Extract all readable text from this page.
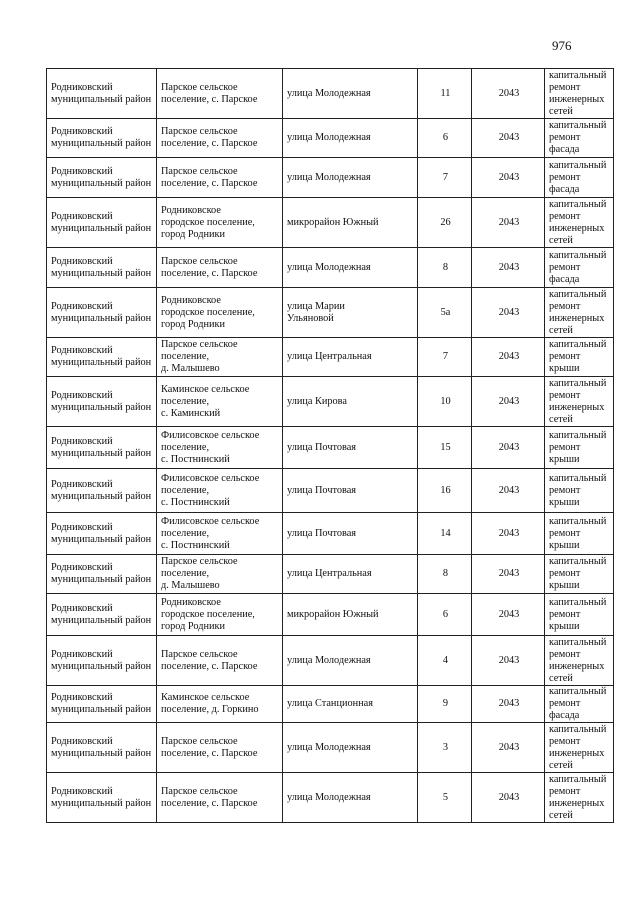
976
Родниковский муниципальный район	Парское сельское
поселение, с. Парское	улица Молодежная	11	2043	капитальный
ремонт
инженерных
сетей

Родниковский муниципальный район	Парское сельское
поселение, с. Парское	улица Молодежная	6	2043	капитальный
ремонт фасада

Родниковский муниципальный район	Парское сельское
поселение, с. Парское	улица Молодежная	7	2043	капитальный
ремонт фасада

Родниковский муниципальный район	Родниковское
городское поселение,
город Родники	микрорайон Южный	26	2043	капитальный
ремонт
инженерных
сетей

Родниковский муниципальный район	Парское сельское
поселение, с. Парское	улица Молодежная	8	2043	капитальный
ремонт фасада

Родниковский муниципальный район	Родниковское
городское поселение,
город Родники	улица Марии
Ульяновой	5а	2043	капитальный
ремонт
инженерных
сетей

Родниковский муниципальный район	Парское сельское
поселение,
д. Малышево	улица Центральная	7	2043	капитальный
ремонт крыши

Родниковский муниципальный район	Каминское сельское
поселение,
с. Каминский	улица Кирова	10	2043	капитальный
ремонт
инженерных
сетей

Родниковский муниципальный район	Филисовское сельское
поселение,
с. Постнинский	улица Почтовая	15	2043	капитальный
ремонт крыши

Родниковский муниципальный район	Филисовское сельское
поселение,
с. Постнинский	улица Почтовая	16	2043	капитальный
ремонт крыши

Родниковский муниципальный район	Филисовское сельское
поселение,
с. Постнинский	улица Почтовая	14	2043	капитальный
ремонт крыши

Родниковский муниципальный район	Парское сельское
поселение,
д. Малышево	улица Центральная	8	2043	капитальный
ремонт крыши

Родниковский муниципальный район	Родниковское
городское поселение,
город Родники	микрорайон Южный	6	2043	капитальный
ремонт крыши

Родниковский муниципальный район	Парское сельское
поселение, с. Парское	улица Молодежная	4	2043	капитальный
ремонт
инженерных
сетей

Родниковский муниципальный район	Каминское сельское
поселение, д. Горкино	улица Станционная	9	2043	капитальный
ремонт фасада

Родниковский муниципальный район	Парское сельское
поселение, с. Парское	улица Молодежная	3	2043	капитальный
ремонт
инженерных
сетей

Родниковский муниципальный район	Парское сельское
поселение, с. Парское	улица Молодежная	5	2043	капитальный
ремонт
инженерных
сетей
